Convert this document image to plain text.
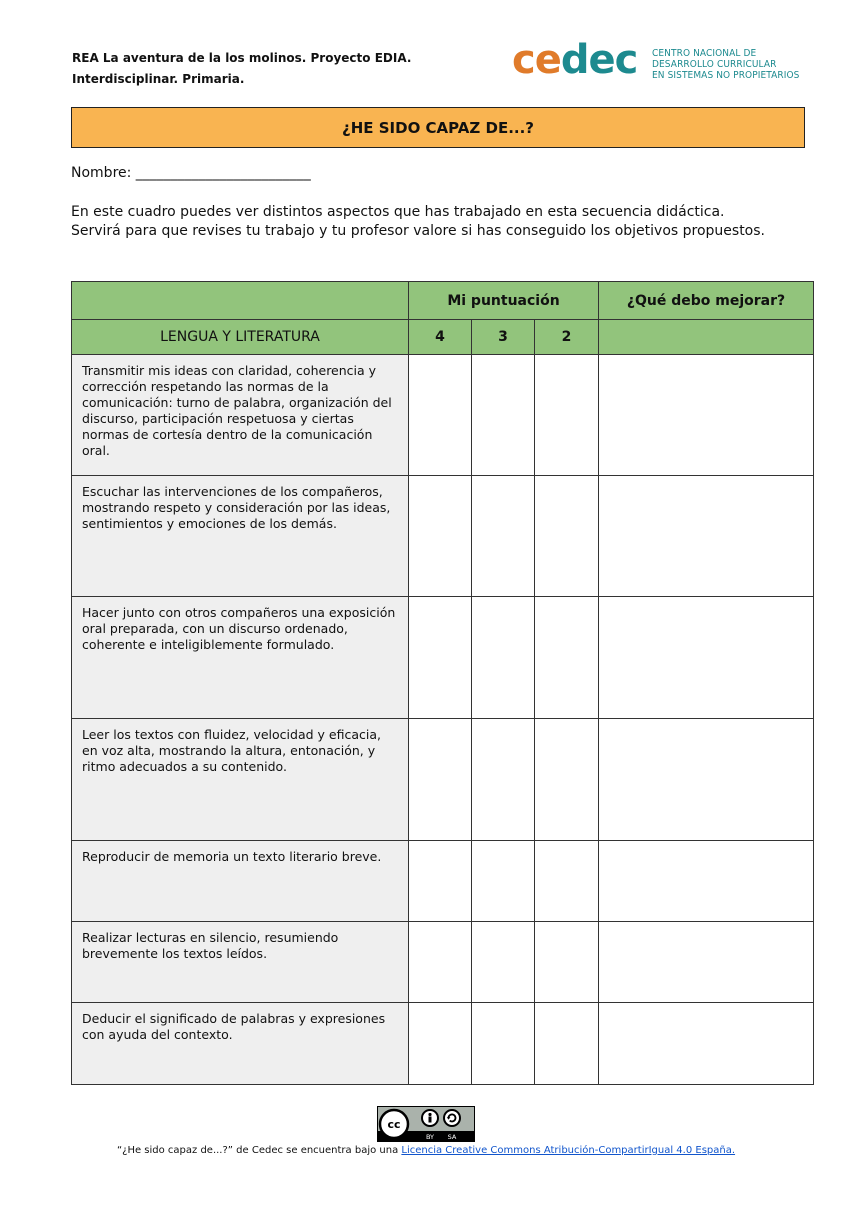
REA La aventura de la los molinos. Proyecto EDIA.
Interdisciplinar. Primaria.	cedec CENTRO NACIONAL DE
DESARROLLO CURRICULAR
EN SISTEMAS NO PROPIETARIOS
¿HE SIDO CAPAZ DE...?
Nombre: _________________________
En este cuadro puedes ver distintos aspectos que has trabajado en esta secuencia didáctica. Servirá para que revises tu trabajo y tu profesor valore si has conseguido los objetivos propuestos.
	Mi puntuación			¿Qué debo mejorar?
LENGUA Y LITERATURA	4	3	2	
Transmitir mis ideas con claridad, coherencia y corrección respetando las normas de la comunicación: turno de palabra, organización del discurso, participación respetuosa y ciertas normas de cortesía dentro de la comunicación oral.				
Escuchar las intervenciones de los compañeros, mostrando respeto y consideración por las ideas, sentimientos y emociones de los demás.				
Hacer junto con otros compañeros una exposición oral preparada, con un discurso ordenado, coherente e inteligiblemente formulado.				
Leer los textos con fluidez, velocidad y eficacia, en voz alta, mostrando la altura, entonación, y ritmo adecuados a su contenido.				
Reproducir de memoria un texto literario breve.				
Realizar lecturas en silencio, resumiendo brevemente los textos leídos.				
Deducir el significado de palabras y expresiones con ayuda del contexto.				
cc
BY SA
“¿He sido capaz de...?” de Cedec se encuentra bajo una Licencia Creative Commons Atribución-CompartirIgual 4.0 España.
